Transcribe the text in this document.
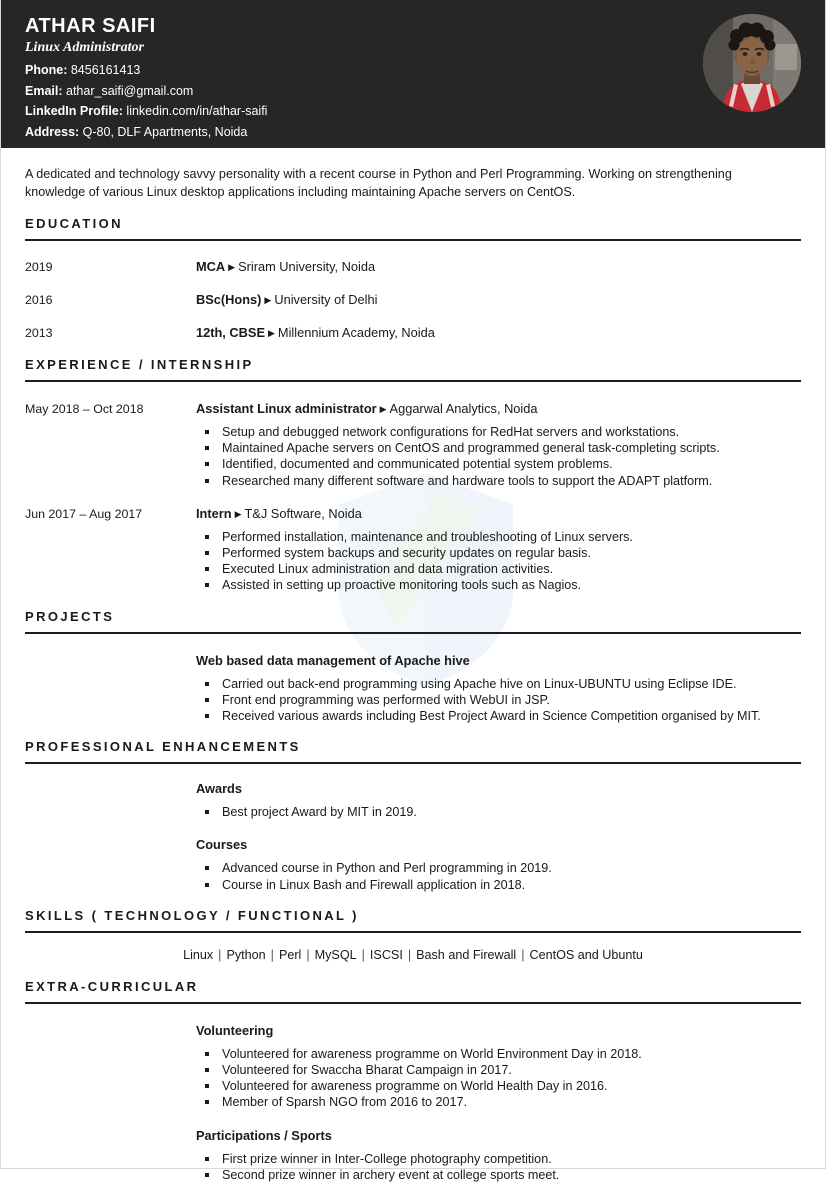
ATHAR SAIFI
Linux Administrator
Phone: 8456161413
Email: athar_saifi@gmail.com
LinkedIn Profile: linkedin.com/in/athar-saifi
Address: Q-80, DLF Apartments, Noida
A dedicated and technology savvy personality with a recent course in Python and Perl Programming. Working on strengthening knowledge of various Linux desktop applications including maintaining Apache servers on CentOS.
EDUCATION
2019	MCA ▶ Sriram University, Noida
2016	BSc(Hons) ▶ University of Delhi
2013	12th, CBSE ▶ Millennium Academy, Noida
EXPERIENCE / INTERNSHIP
May 2018 – Oct 2018	Assistant Linux administrator ▶ Aggarwal Analytics, Noida
Setup and debugged network configurations for RedHat servers and workstations.
Maintained Apache servers on CentOS and programmed general task-completing scripts.
Identified, documented and communicated potential system problems.
Researched many different software and hardware tools to support the ADAPT platform.
Jun 2017 – Aug 2017	Intern ▶ T&J Software, Noida
Performed installation, maintenance and troubleshooting of Linux servers.
Performed system backups and security updates on regular basis.
Executed Linux administration and data migration activities.
Assisted in setting up proactive monitoring tools such as Nagios.
PROJECTS
Web based data management of Apache hive
Carried out back-end programming using Apache hive on Linux-UBUNTU using Eclipse IDE.
Front end programming was performed with WebUI in JSP.
Received various awards including Best Project Award in Science Competition organised by MIT.
PROFESSIONAL ENHANCEMENTS
Awards
Best project Award by MIT in 2019.
Courses
Advanced course in Python and Perl programming in 2019.
Course in Linux Bash and Firewall application in 2018.
SKILLS ( TECHNOLOGY / FUNCTIONAL )
Linux | Python | Perl | MySQL | ISCSI | Bash and Firewall | CentOS and Ubuntu
EXTRA-CURRICULAR
Volunteering
Volunteered for awareness programme on World Environment Day in 2018.
Volunteered for Swaccha Bharat Campaign in 2017.
Volunteered for awareness programme on World Health Day in 2016.
Member of Sparsh NGO from 2016 to 2017.
Participations / Sports
First prize winner in Inter-College photography competition.
Second prize winner in archery event at college sports meet.
